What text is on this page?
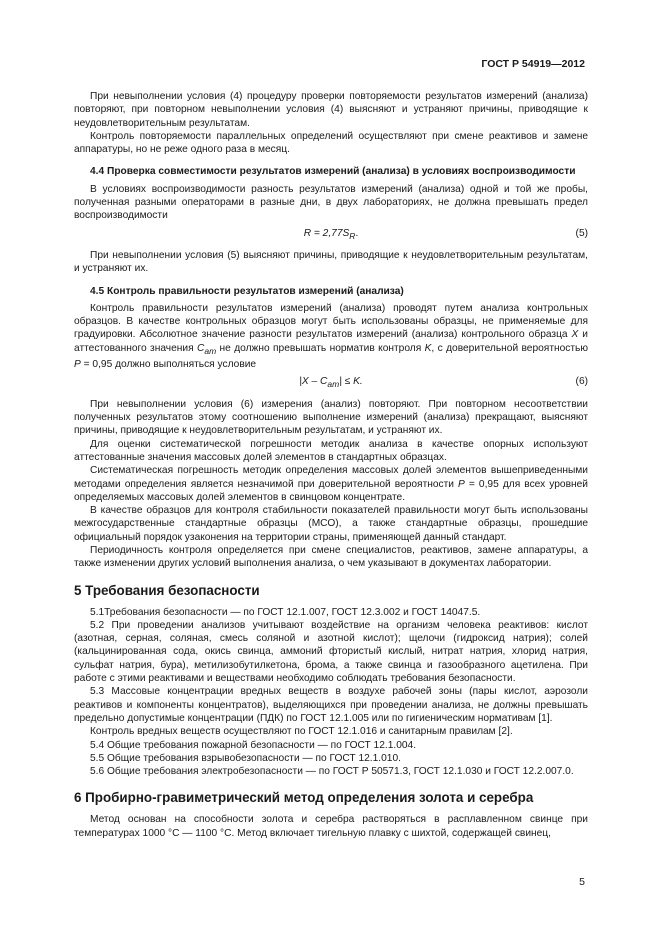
ГОСТ Р 54919—2012

При невыполнении условия (4) процедуру проверки повторяемости результатов измерений (анализа) повторяют, при повторном невыполнении условия (4) выясняют и устраняют причины, приводящие к неудовлетворительным результатам.

Контроль повторяемости параллельных определений осуществляют при смене реактивов и замене аппаратуры, но не реже одного раза в месяц.

4.4 Проверка совместимости результатов измерений (анализа) в условиях воспроизводимости

В условиях воспроизводимости разность результатов измерений (анализа) одной и той же пробы, полученная разными операторами в разные дни, в двух лабораториях, не должна превышать предел воспроизводимости

$R = 2,77S_R$.	(5)

При невыполнении условия (5) выясняют причины, приводящие к неудовлетворительным результатам, и устраняют их.

4.5 Контроль правильности результатов измерений (анализа)

Контроль правильности результатов измерений (анализа) проводят путем анализа контрольных образцов. В качестве контрольных образцов могут быть использованы образцы, не применяемые для градуировки. Абсолютное значение разности результатов измерений (анализа) контрольного образца X и аттестованного значения $C_{am}$ не должно превышать норматив контроля K, с доверительной вероятностью P = 0,95 должно выполняться условие

$|X - C_{am}| \le K$.	(6)

При невыполнении условия (6) измерения (анализ) повторяют. При повторном несоответствии полученных результатов этому соотношению выполнение измерений (анализа) прекращают, выясняют причины, приводящие к неудовлетворительным результатам, и устраняют их.

Для оценки систематической погрешности методик анализа в качестве опорных используют аттестованные значения массовых долей элементов в стандартных образцах.

Систематическая погрешность методик определения массовых долей элементов вышеприведенными методами определения является незначимой при доверительной вероятности P = 0,95 для всех уровней определяемых массовых долей элементов в свинцовом концентрате.

В качестве образцов для контроля стабильности показателей правильности могут быть использованы межгосударственные стандартные образцы (МСО), а также стандартные образцы, прошедшие официальный порядок узаконения на территории страны, применяющей данный стандарт.

Периодичность контроля определяется при смене специалистов, реактивов, замене аппаратуры, а также изменении других условий выполнения анализа, о чем указывают в документах лаборатории.

5 Требования безопасности

5.1Требования безопасности — по ГОСТ 12.1.007, ГОСТ 12.3.002 и ГОСТ 14047.5.

5.2 При проведении анализов учитывают воздействие на организм человека реактивов: кислот (азотная, серная, соляная, смесь соляной и азотной кислот); щелочи (гидроксид натрия); солей (кальцинированная сода, окись свинца, аммоний фтористый кислый, нитрат натрия, хлорид натрия, сульфат натрия, бура), метилизобутилкетона, брома, а также свинца и газообразного ацетилена. При работе с этими реактивами и веществами необходимо соблюдать требования безопасности.

5.3 Массовые концентрации вредных веществ в воздухе рабочей зоны (пары кислот, аэрозоли реактивов и компоненты концентратов), выделяющихся при проведении анализа, не должны превышать предельно допустимые концентрации (ПДК) по ГОСТ 12.1.005 или по гигиеническим нормативам [1].

Контроль вредных веществ осуществляют по ГОСТ 12.1.016 и санитарным правилам [2].

5.4 Общие требования пожарной безопасности — по ГОСТ 12.1.004.

5.5 Общие требования взрывобезопасности — по ГОСТ 12.1.010.

5.6 Общие требования электробезопасности — по ГОСТ Р 50571.3, ГОСТ 12.1.030 и ГОСТ 12.2.007.0.

6 Пробирно-гравиметрический метод определения золота и серебра

Метод основан на способности золота и серебра растворяться в расплавленном свинце при температурах 1000 °С — 1100 °С. Метод включает тигельную плавку с шихтой, содержащей свинец,

5
